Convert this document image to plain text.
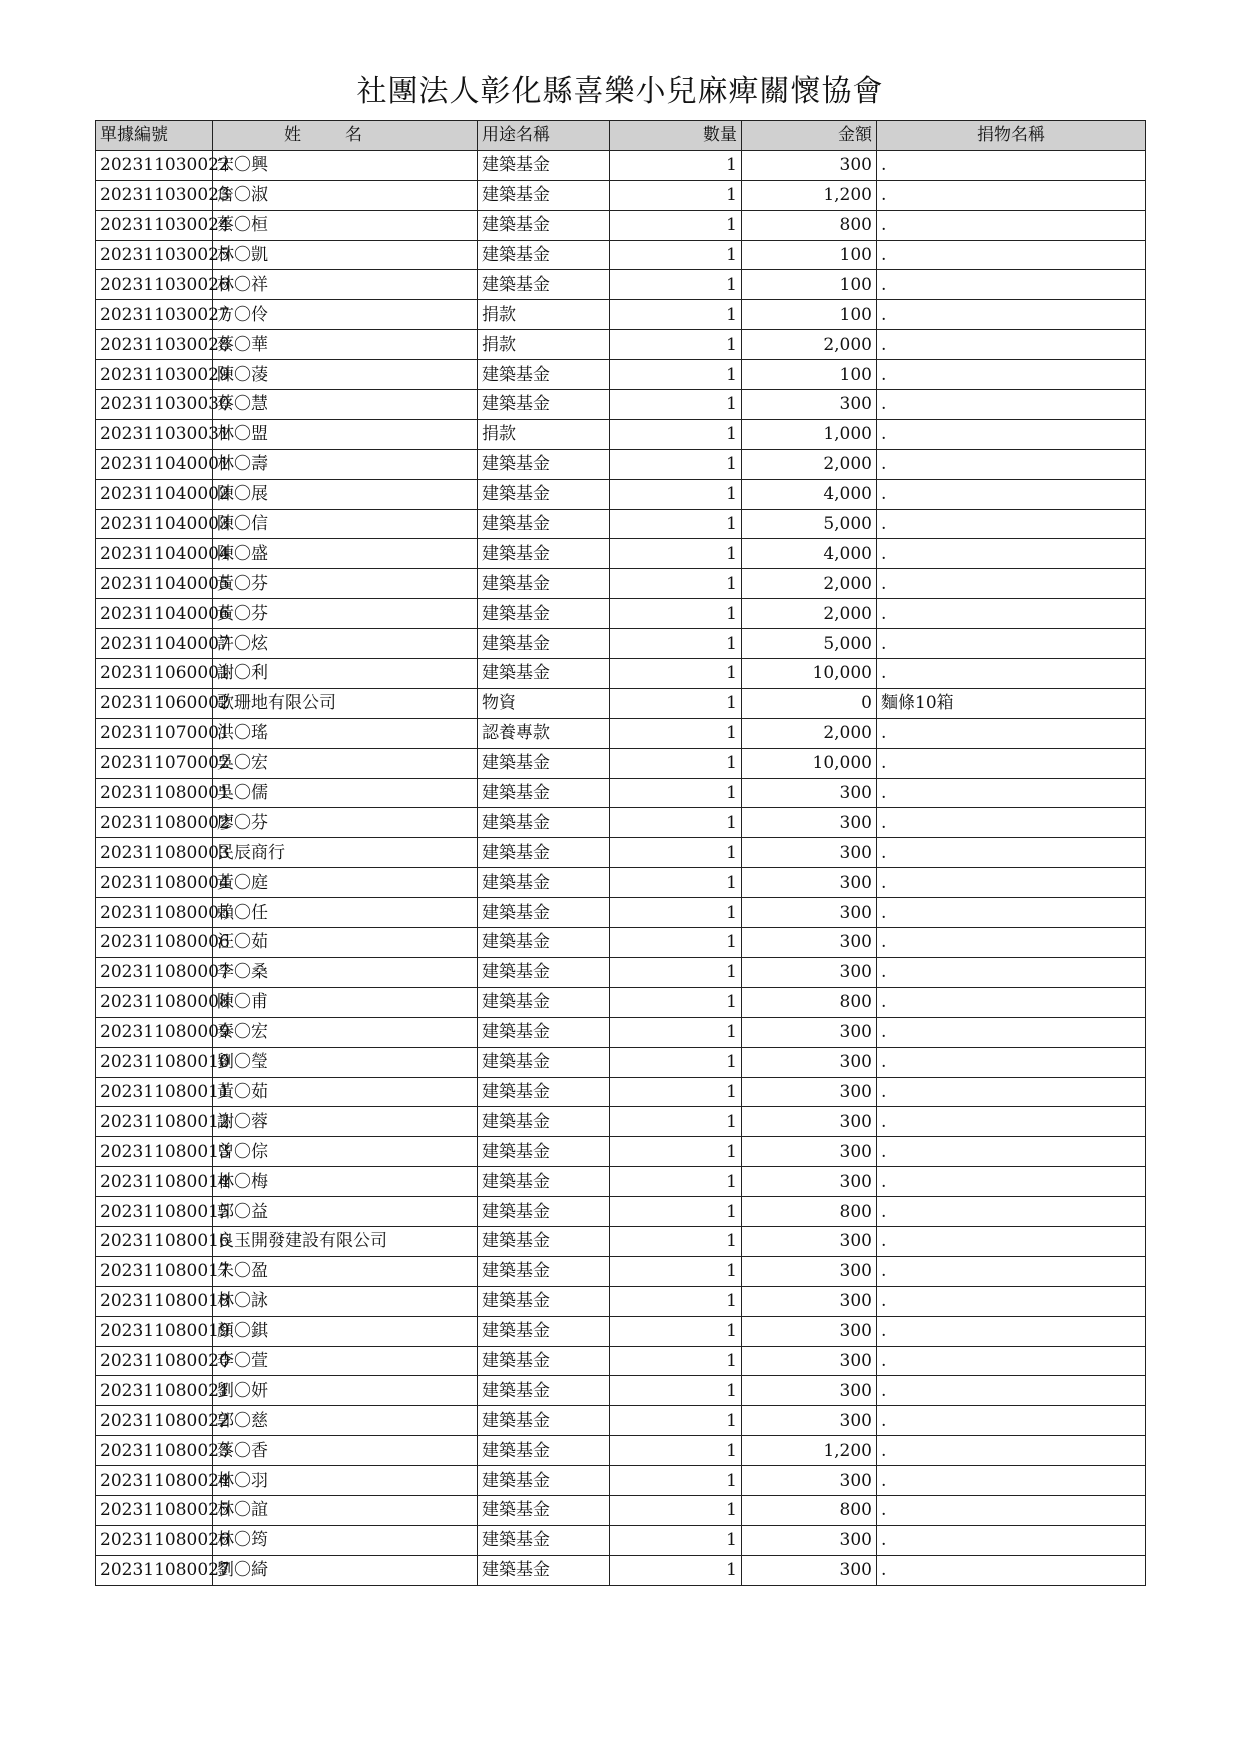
社團法人彰化縣喜樂小兒麻痺關懷協會
單據編號	姓名	用途名稱	數量	金額	捐物名稱
202311030022	宋〇興	建築基金	1	300	.
202311030023	詹〇淑	建築基金	1	1,200	.
202311030024	蔡〇桓	建築基金	1	800	.
202311030025	林〇凱	建築基金	1	100	.
202311030026	林〇祥	建築基金	1	100	.
202311030027	方〇伶	捐款	1	100	.
202311030028	蔡〇華	捐款	1	2,000	.
202311030029	陳〇蓤	建築基金	1	100	.
202311030030	蔡〇慧	建築基金	1	300	.
202311030031	林〇盟	捐款	1	1,000	.
202311040001	林〇壽	建築基金	1	2,000	.
202311040002	陳〇展	建築基金	1	4,000	.
202311040003	陳〇信	建築基金	1	5,000	.
202311040004	陳〇盛	建築基金	1	4,000	.
202311040005	黃〇芬	建築基金	1	2,000	.
202311040006	黃〇芬	建築基金	1	2,000	.
202311040007	許〇炫	建築基金	1	5,000	.
202311060001	謝〇利	建築基金	1	10,000	.
202311060002	歌珊地有限公司	物資	1	0	麵條10箱
202311070001	洪〇瑤	認養專款	1	2,000	.
202311070002	吳〇宏	建築基金	1	10,000	.
202311080001	吳〇儒	建築基金	1	300	.
202311080002	廖〇芬	建築基金	1	300	.
202311080003	民辰商行	建築基金	1	300	.
202311080004	黃〇庭	建築基金	1	300	.
202311080005	賴〇任	建築基金	1	300	.
202311080006	汪〇茹	建築基金	1	300	.
202311080007	李〇桑	建築基金	1	300	.
202311080008	陳〇甫	建築基金	1	800	.
202311080009	秦〇宏	建築基金	1	300	.
202311080010	劉〇瑩	建築基金	1	300	.
202311080011	黃〇茹	建築基金	1	300	.
202311080012	謝〇蓉	建築基金	1	300	.
202311080013	曾〇倧	建築基金	1	300	.
202311080014	林〇梅	建築基金	1	300	.
202311080015	郭〇益	建築基金	1	800	.
202311080016	良玉開發建設有限公司	建築基金	1	300	.
202311080017	朱〇盈	建築基金	1	300	.
202311080018	林〇詠	建築基金	1	300	.
202311080019	顏〇錤	建築基金	1	300	.
202311080020	李〇萱	建築基金	1	300	.
202311080021	劉〇妍	建築基金	1	300	.
202311080022	郭〇慈	建築基金	1	300	.
202311080023	蔡〇香	建築基金	1	1,200	.
202311080024	林〇羽	建築基金	1	300	.
202311080025	林〇誼	建築基金	1	800	.
202311080026	林〇筠	建築基金	1	300	.
202311080027	劉〇綺	建築基金	1	300	.
